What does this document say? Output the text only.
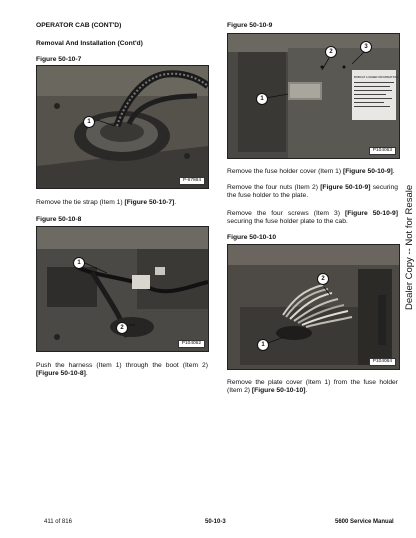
OPERATOR CAB (CONT'D)
Removal And Installation (Cont'd)
Figure 50-10-7
1
P-67864
Remove the tie strap (Item 1) [Figure 50-10-7].
Figure 50-10-8
1
2
P104062
Push the harness (Item 1) through the boot (Item 2) [Figure 50-10-8].
Figure 50-10-9
BOBCAT LOADER INFORMATION
1
2
3
P104063
Remove the fuse holder cover (Item 1) [Figure 50-10-9].
Remove the four nuts (Item 2) [Figure 50-10-9] securing the fuse holder to the plate.
Remove the four screws (Item 3) [Figure 50-10-9] securing the fuse holder plate to the cab.
Figure 50-10-10
2
1
P104064
Remove the plate cover (Item 1) from the fuse holder (Item 2) [Figure 50-10-10].
Dealer Copy -- Not for Resale
411 of 816	50-10-3	5600 Service Manual
